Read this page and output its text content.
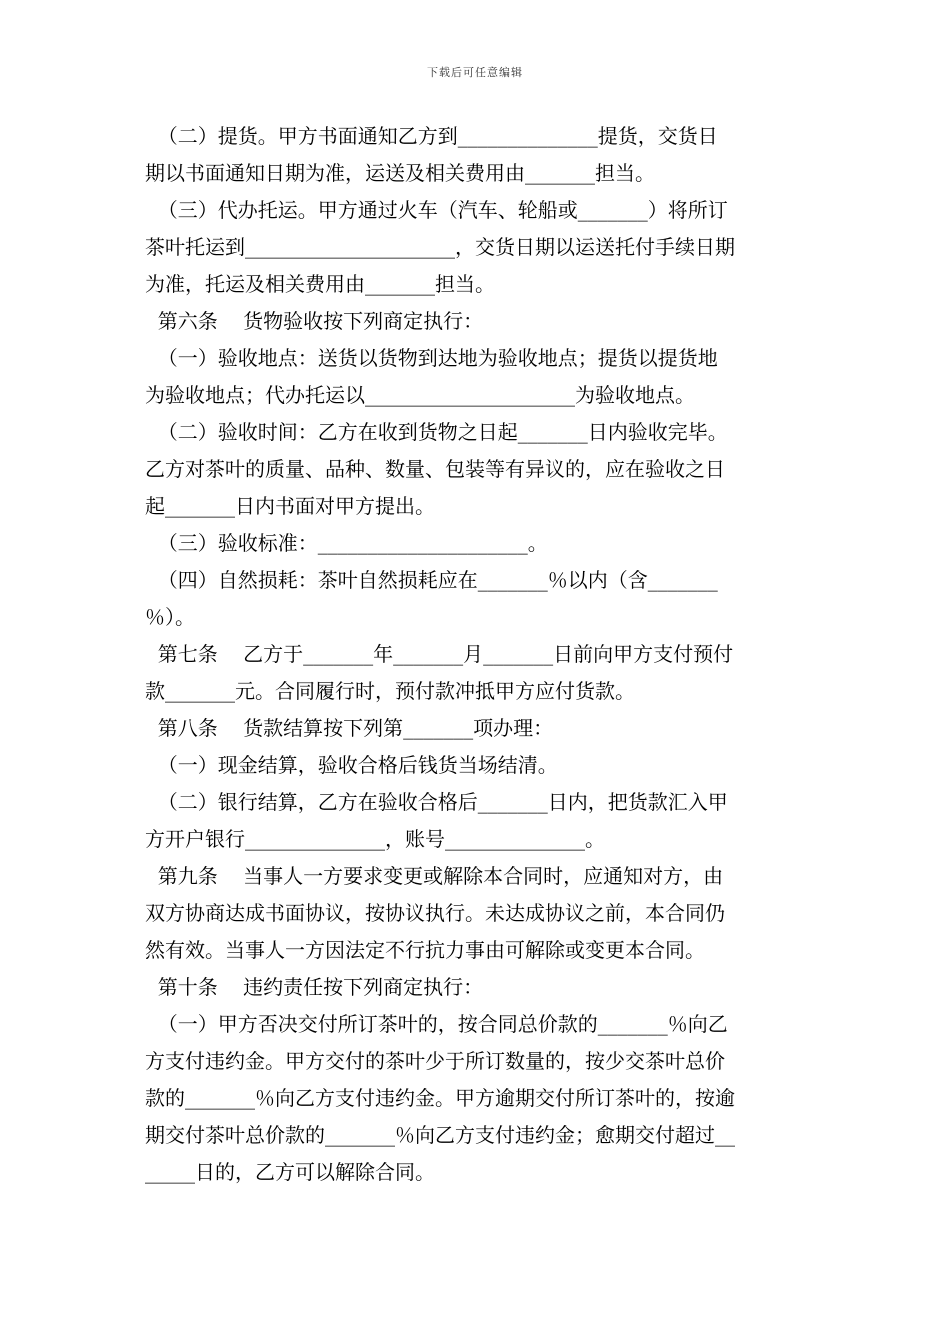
下载后可任意编辑
（二）提货。甲方书面通知乙方到______________提货，交货日
期以书面通知日期为准，运送及相关费用由_______担当。
（三）代办托运。甲方通过火车（汽车、轮船或_______）将所订
茶叶托运到_____________________，交货日期以运送托付手续日期
为准，托运及相关费用由_______担当。
第六条    货物验收按下列商定执行：
（一）验收地点：送货以货物到达地为验收地点；提货以提货地
为验收地点；代办托运以_____________________为验收地点。
（二）验收时间：乙方在收到货物之日起_______日内验收完毕。
乙方对茶叶的质量、品种、数量、包装等有异议的，应在验收之日
起_______日内书面对甲方提出。
（三）验收标准：_____________________。
（四）自然损耗：茶叶自然损耗应在_______％以内（含_______
％）。
第七条    乙方于_______年_______月_______日前向甲方支付预付
款_______元。合同履行时，预付款冲抵甲方应付货款。
第八条    货款结算按下列第_______项办理：
（一）现金结算，验收合格后钱货当场结清。
（二）银行结算，乙方在验收合格后_______日内，把货款汇入甲
方开户银行______________，账号______________。
第九条    当事人一方要求变更或解除本合同时，应通知对方，由
双方协商达成书面协议，按协议执行。未达成协议之前，本合同仍
然有效。当事人一方因法定不行抗力事由可解除或变更本合同。
第十条    违约责任按下列商定执行：
（一）甲方否决交付所订茶叶的，按合同总价款的_______％向乙
方支付违约金。甲方交付的茶叶少于所订数量的，按少交茶叶总价
款的_______％向乙方支付违约金。甲方逾期交付所订茶叶的，按逾
期交付茶叶总价款的_______％向乙方支付违约金；愈期交付超过__
_____日的，乙方可以解除合同。
